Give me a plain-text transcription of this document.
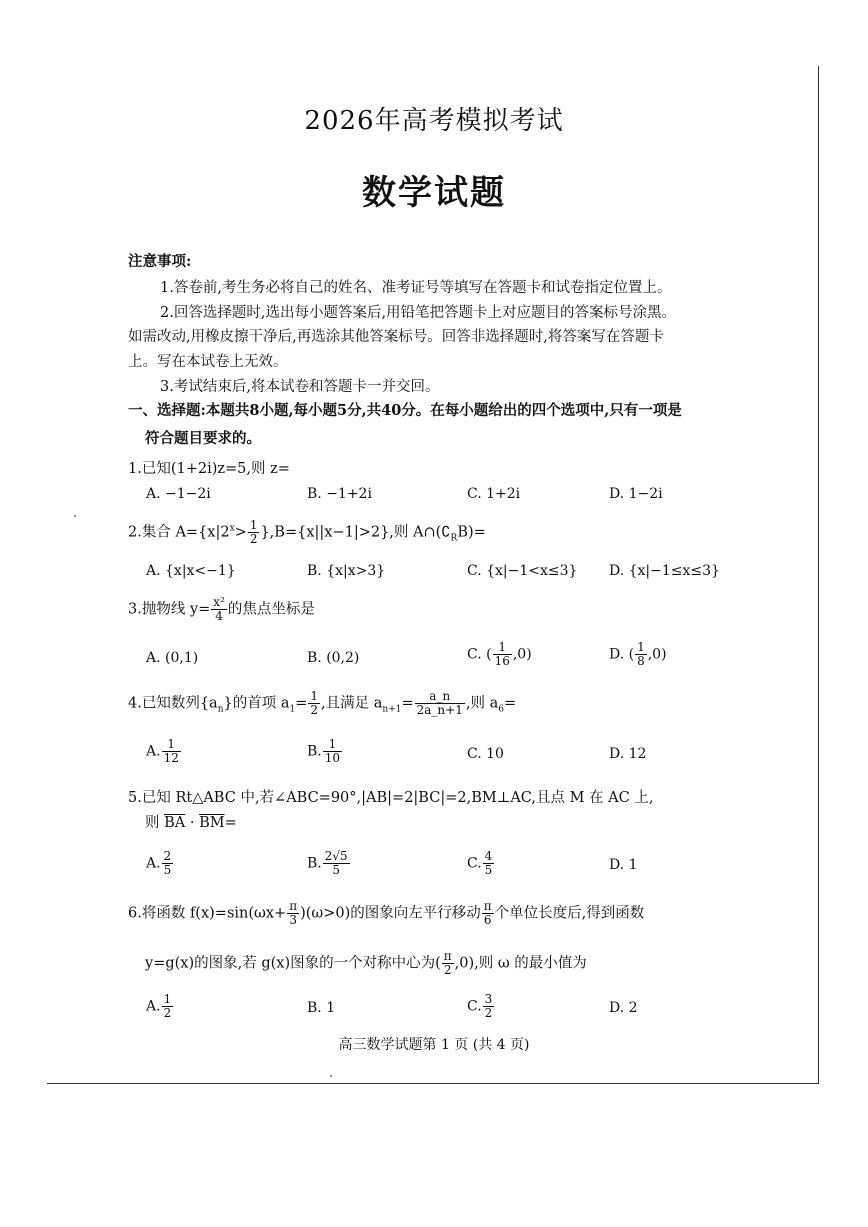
2026年高考模拟考试
数学试题
注意事项:
1.答卷前,考生务必将自己的姓名、准考证号等填写在答题卡和试卷指定位置上。
2.回答选择题时,选出每小题答案后,用铅笔把答题卡上对应题目的答案标号涂黑。
如需改动,用橡皮擦干净后,再选涂其他答案标号。回答非选择题时,将答案写在答题卡
上。写在本试卷上无效。
3.考试结束后,将本试卷和答题卡一并交回。
一、选择题:本题共8小题,每小题5分,共40分。在每小题给出的四个选项中,只有一项是
符合题目要求的。
1.已知(1+2i)z=5,则 z=
A. −1−2i	B. −1+2i	C. 1+2i	D. 1−2i
2.集合 $A=\{x|2^x> \frac{1}{2} \},B=\{x||x-1|>2\}$,则 $A\cap(∁_RB)=$
A. {x|x<−1}	B. {x|x>3}	C. {x|−1<x≤3} D. {x|−1≤x≤3}
3.抛物线 $y= \frac{\text{x²}}{4}$ 的焦点坐标是
A. (0,1)	B. (0,2)	C. ( $\frac{1}{16} ,0$)	D. ( $\frac{1}{8} ,0$)
4.已知数列$\{a_n\}$的首项 $a_1= \frac{1}{2}$ ,且满足 $a_{n+1}= \frac{a\_n}{2a\_n+1}$ ,则 $a_6=$
A. $\frac{1}{12}$	B. $\frac{1}{10}$	C. 10	D. 12
5.已知 Rt△ABC 中,若∠ABC=90°,|AB|=2|BC|=2,BM⊥AC,且点 M 在 AC 上,
则 $\overline{BA} \cdot \overline{BM}=$
A. $\frac{2}{5}$	B. $\frac{2√5}{5}$	C. $\frac{4}{5}$	D. 1
6.将函数 $f(x)=\sin(\omega x+ \frac{\pi}{3} )(\omega>0)$的图象向左平行移动 $\frac{\pi}{6}$ 个单位长度后,得到函数
y=g(x)的图象,若 g(x)图象的一个对称中心为( $\frac{\pi}{2} ,0$),则 ω 的最小值为
A. $\frac{1}{2}$	B. 1	C. $\frac{3}{2}$	D. 2
高三数学试题第 1 页 (共 4 页)
